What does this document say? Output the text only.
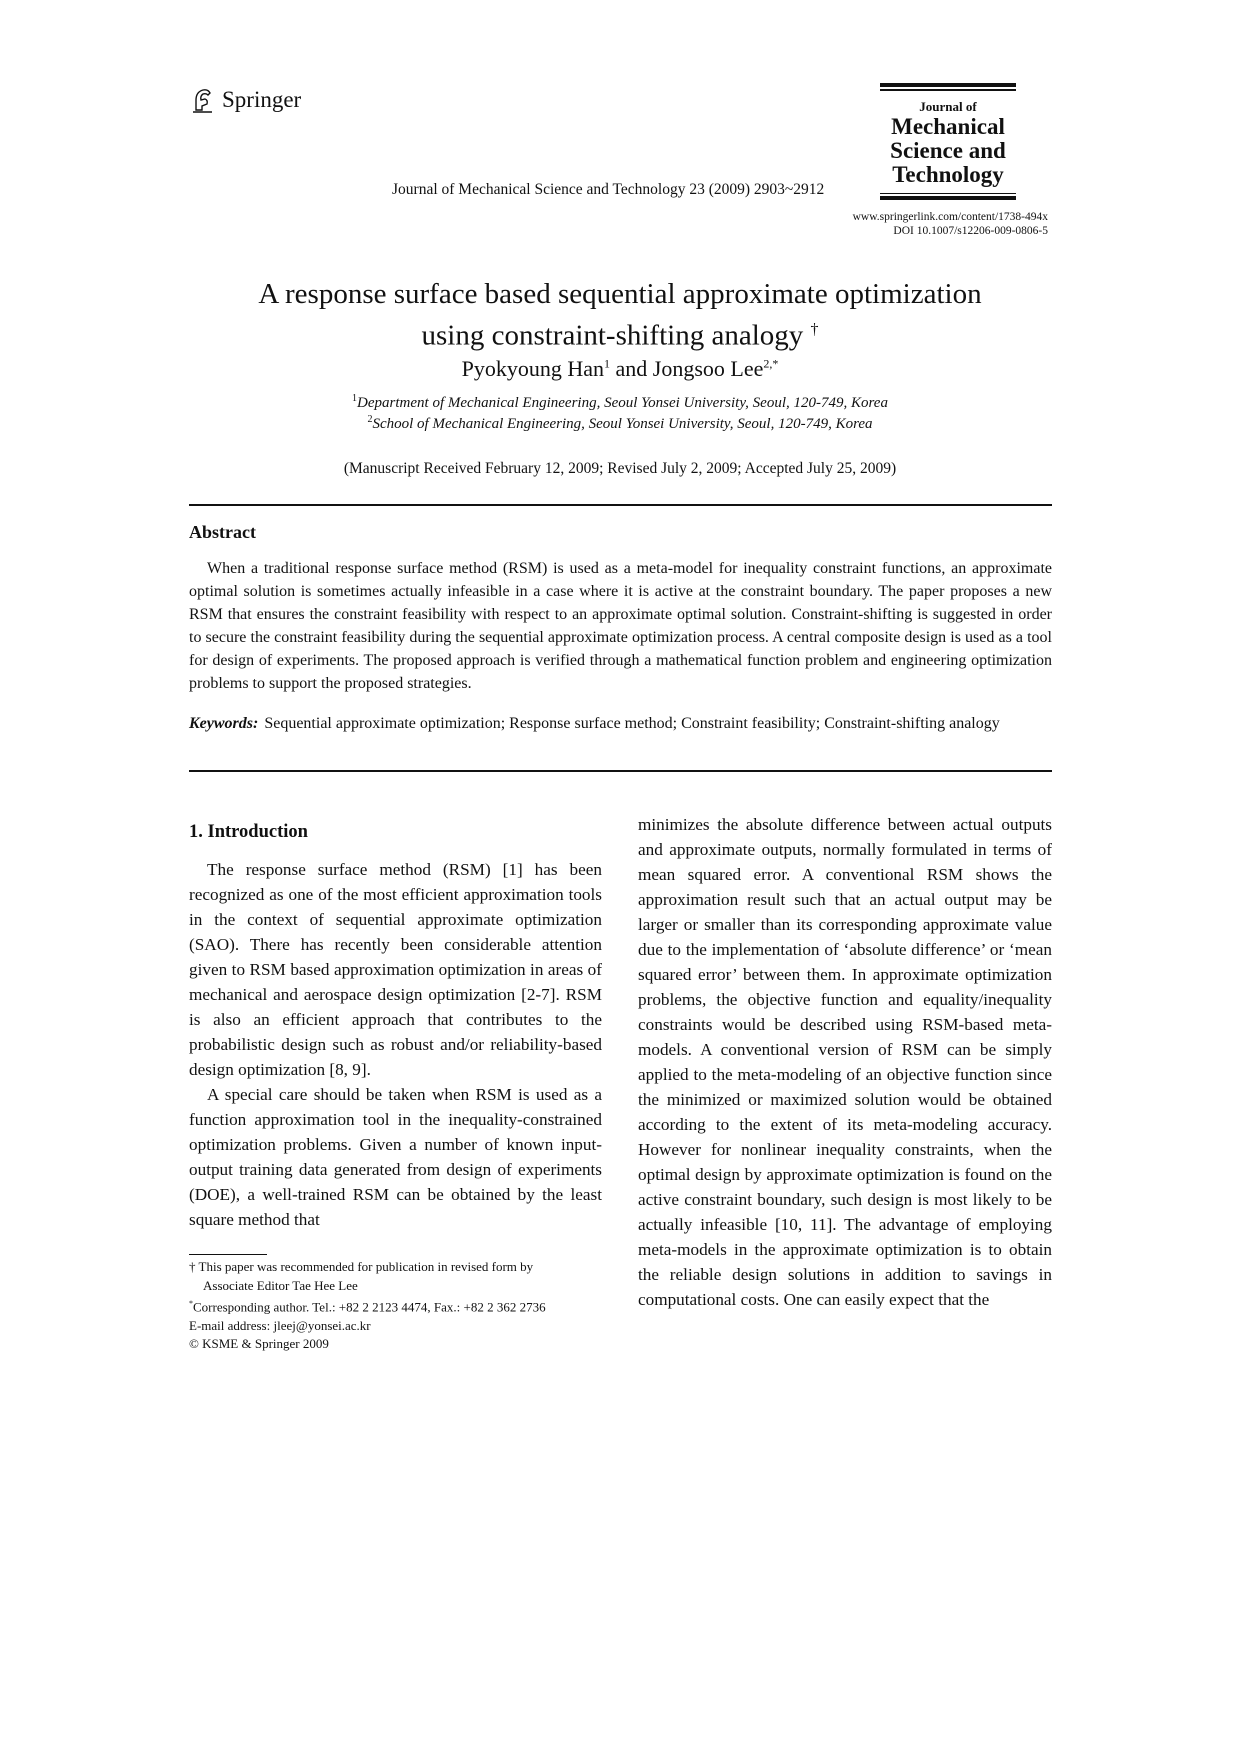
Springer
Journal of Mechanical Science and Technology 23 (2009) 2903~2912
Journal of
Mechanical
Science and
Technology
www.springerlink.com/content/1738-494x
DOI 10.1007/s12206-009-0806-5
A response surface based sequential approximate optimization
using constraint-shifting analogy †
Pyokyoung Han$^1$ and Jongsoo Lee$^{2,*}$
$^1$Department of Mechanical Engineering, Seoul Yonsei University, Seoul, 120-749, Korea
$^2$School of Mechanical Engineering, Seoul Yonsei University, Seoul, 120-749, Korea
(Manuscript Received February 12, 2009; Revised July 2, 2009; Accepted July 25, 2009)
Abstract
When a traditional response surface method (RSM) is used as a meta-model for inequality constraint functions, an approximate optimal solution is sometimes actually infeasible in a case where it is active at the constraint boundary. The paper proposes a new RSM that ensures the constraint feasibility with respect to an approximate optimal solution. Constraint-shifting is suggested in order to secure the constraint feasibility during the sequential approximate optimization process. A central composite design is used as a tool for design of experiments. The proposed approach is verified through a mathematical function problem and engineering optimization problems to support the proposed strategies.
Keywords: Sequential approximate optimization; Response surface method; Constraint feasibility; Constraint-shifting analogy
1. Introduction

The response surface method (RSM) [1] has been recognized as one of the most efficient approximation tools in the context of sequential approximate optimization (SAO). There has recently been considerable attention given to RSM based approximation optimization in areas of mechanical and aerospace design optimization [2-7]. RSM is also an efficient approach that contributes to the probabilistic design such as robust and/or reliability-based design optimization [8, 9].

A special care should be taken when RSM is used as a function approximation tool in the inequality-constrained optimization problems. Given a number of known input-output training data generated from design of experiments (DOE), a well-trained RSM can be obtained by the least square method that

† This paper was recommended for publication in revised form by
Associate Editor Tae Hee Lee
*Corresponding author. Tel.: +82 2 2123 4474, Fax.: +82 2 362 2736
E-mail address: jleej@yonsei.ac.kr
© KSME & Springer 2009

minimizes the absolute difference between actual outputs and approximate outputs, normally formulated in terms of mean squared error. A conventional RSM shows the approximation result such that an actual output may be larger or smaller than its corresponding approximate value due to the implementation of ‘absolute difference’ or ‘mean squared error’ between them. In approximate optimization problems, the objective function and equality/inequality constraints would be described using RSM-based meta-models. A conventional version of RSM can be simply applied to the meta-modeling of an objective function since the minimized or maximized solution would be obtained according to the extent of its meta-modeling accuracy. However for nonlinear inequality constraints, when the optimal design by approximate optimization is found on the active constraint boundary, such design is most likely to be actually infeasible [10, 11]. The advantage of employing meta-models in the approximate optimization is to obtain the reliable design solutions in addition to savings in computational costs. One can easily expect that the
